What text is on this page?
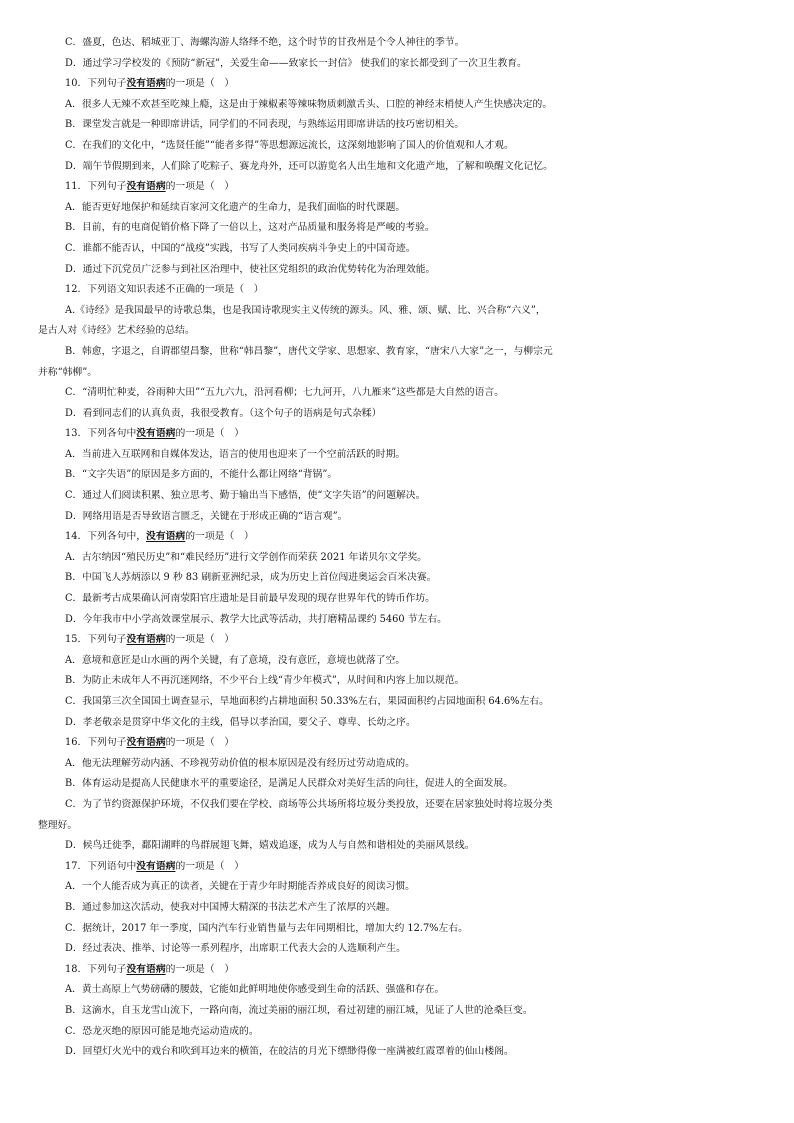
C．盛夏，色达、稻城亚丁、海螺沟游人络绎不绝，这个时节的甘孜州是个令人神往的季节。
D．通过学习学校发的《预防“新冠”，关爱生命——致家长一封信》 使我们的家长都受到了一次卫生教育。
10．下列句子没有语病的一项是（　）
A．很多人无辣不欢甚至吃辣上瘾，这是由于辣椒素等辣味物质刺激舌头、口腔的神经末梢使人产生快感决定的。
B．课堂发言就是一种即席讲话，同学们的不同表现，与熟练运用即席讲话的技巧密切相关。
C．在我们的文化中，“选贤任能”“能者多得”等思想源远流长，这深刻地影响了国人的价值观和人才观。
D．端午节假期到来，人们除了吃粽子、赛龙舟外，还可以游览名人出生地和文化遗产地，了解和唤醒文化记忆。
11．下列句子没有语病的一项是（　）
A．能否更好地保护和延续百家河文化遗产的生命力，是我们面临的时代课题。
B．目前，有的电商促销价格下降了一倍以上，这对产品质量和服务将是严峻的考验。
C．谁都不能否认，中国的“战疫”实践，书写了人类同疾病斗争史上的中国奇迹。
D．通过下沉党员广泛参与到社区治理中，使社区党组织的政治优势转化为治理效能。
12．下列语文知识表述不正确的一项是（　）
A.《诗经》是我国最早的诗歌总集，也是我国诗歌现实主义传统的源头。风、雅、颂、赋、比、兴合称“六义”，
是古人对《诗经》艺术经验的总结。
B．韩愈，字退之，自谓郡望昌黎，世称“韩昌黎”，唐代文学家、思想家、教育家，“唐宋八大家”之一，与柳宗元
并称“韩柳”。
C．“清明忙种麦，谷雨种大田”“五九六九，沿河看柳；七九河开，八九雁来”这些都是大自然的语言。
D．看到同志们的认真负责，我很受教育。（这个句子的语病是句式杂糅）
13．下列各句中没有语病的一项是（　）
A．当前进入互联网和自媒体发达，语言的使用也迎来了一个空前活跃的时期。
B．“文字失语”的原因是多方面的，不能什么都让网络“背锅”。
C．通过人们阅读积累、独立思考、勤于输出当下感悟，使“文字失语”的问题解决。
D．网络用语是否导致语言匮乏，关键在于形成正确的“语言观”。
14．下列各句中，没有语病的一项是（　）
A．古尔纳因“殖民历史”和“难民经历”进行文学创作而荣获 2021 年诺贝尔文学奖。
B．中国飞人苏炳添以 9 秒 83 刷新亚洲纪录，成为历史上首位闯进奥运会百米决赛。
C．最新考古成果确认河南荥阳官庄遗址是目前最早发现的现存世界年代的铸币作坊。
D．今年我市中小学高效课堂展示、教学大比武等活动，共打磨精品课约 5460 节左右。
15．下列句子没有语病的一项是（　）
A．意境和意匠是山水画的两个关键，有了意境，没有意匠，意境也就落了空。
B．为防止未成年人不再沉迷网络，不少平台上线“青少年模式”，从时间和内容上加以规范。
C．我国第三次全国国土调查显示，旱地面积约占耕地面积 50.33%左右，果园面积约占园地面积 64.6%左右。
D．孝老敬亲是贯穿中华文化的主线，倡导以孝治国，要父子、尊卑、长幼之序。
16．下列句子没有语病的一项是（　）
A．他无法理解劳动内涵、不珍视劳动价值的根本原因是没有经历过劳动造成的。
B．体育运动是提高人民健康水平的重要途径，是满足人民群众对美好生活的向往，促进人的全面发展。
C．为了节约资源保护环境，不仅我们要在学校、商场等公共场所将垃圾分类投放，还要在居家独处时将垃圾分类
整理好。
D．候鸟迁徙季，鄱阳湖畔的鸟群展翅飞舞，嬉戏追逐，成为人与自然和谐相处的美丽风景线。
17．下列语句中没有语病的一项是（　）
A．一个人能否成为真正的读者，关键在于青少年时期能否养成良好的阅读习惯。
B．通过参加这次活动，使我对中国博大精深的书法艺术产生了浓厚的兴趣。
C．据统计，2017 年一季度，国内汽车行业销售量与去年同期相比，增加大约 12.7%左右。
D．经过表决、推举、讨论等一系列程序，出席职工代表大会的人选顺利产生。
18．下列句子没有语病的一项是（　）
A．黄土高原上气势磅礴的腰鼓，它能如此鲜明地使你感受到生命的活跃、强盛和存在。
B．这滴水，自玉龙雪山流下，一路向南，流过美丽的丽江坝，看过初建的丽江城，见证了人世的沧桑巨变。
C．恐龙灭绝的原因可能是地壳运动造成的。
D．回望灯火光中的戏台和吹到耳边来的横笛，在皎洁的月光下缥缈得像一座满被红霞罩着的仙山楼阁。
